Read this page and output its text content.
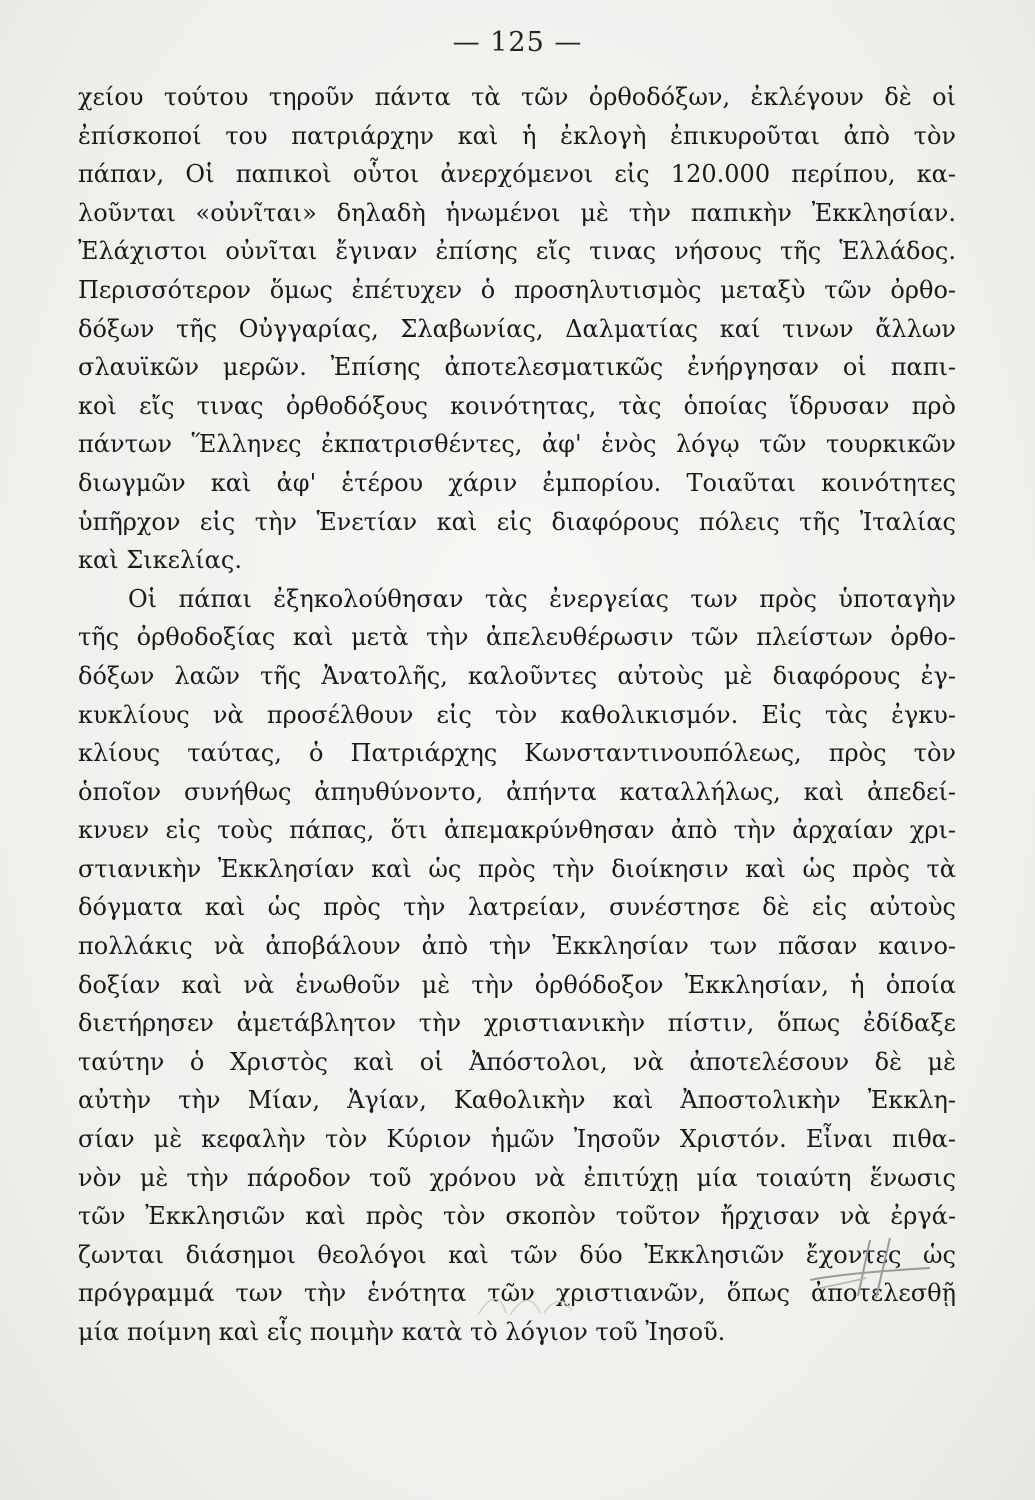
— 125 —
χείου τούτου τηροῦν πάντα τὰ τῶν ὀρθοδόξων, ἐκλέγουν δὲ οἱ
ἐπίσκοποί του πατριάρχην καὶ ἡ ἐκλογὴ ἐπικυροῦται ἀπὸ τὸν
πάπαν, Οἱ παπικοὶ οὗτοι ἀνερχόμενοι εἰς 120.000 περίπου, κα-
λοῦνται «οὐνῖται» δηλαδὴ ἡνωμένοι μὲ τὴν παπικὴν Ἐκκλησίαν.
Ἐλάχιστοι οὐνῖται ἔγιναν ἐπίσης εἴς τινας νήσους τῆς Ἑλλάδος.
Περισσότερον ὅμως ἐπέτυχεν ὁ προσηλυτισμὸς μεταξὺ τῶν ὀρθο-
δόξων τῆς Οὐγγαρίας, Σλαβωνίας, Δαλματίας καί τινων ἄλλων
σλαυϊκῶν μερῶν. Ἐπίσης ἀποτελεσματικῶς ἐνήργησαν οἱ παπι-
κοὶ εἴς τινας ὀρθοδόξους κοινότητας, τὰς ὁποίας ἵδρυσαν πρὸ
πάντων Ἕλληνες ἐκπατρισθέντες, ἀφ' ἑνὸς λόγῳ τῶν τουρκικῶν
διωγμῶν καὶ ἀφ' ἑτέρου χάριν ἐμπορίου. Τοιαῦται κοινότητες
ὑπῆρχον εἰς τὴν Ἑνετίαν καὶ εἰς διαφόρους πόλεις τῆς Ἰταλίας
καὶ Σικελίας.
Οἱ πάπαι ἐξηκολούθησαν τὰς ἐνεργείας των πρὸς ὑποταγὴν
τῆς ὀρθοδοξίας καὶ μετὰ τὴν ἀπελευθέρωσιν τῶν πλείστων ὀρθο-
δόξων λαῶν τῆς Ἀνατολῆς, καλοῦντες αὐτοὺς μὲ διαφόρους ἐγ-
κυκλίους νὰ προσέλθουν εἰς τὸν καθολικισμόν. Εἰς τὰς ἐγκυ-
κλίους ταύτας, ὁ Πατριάρχης Κωνσταντινουπόλεως, πρὸς τὸν
ὁποῖον συνήθως ἀπηυθύνοντο, ἀπήντα καταλλήλως, καὶ ἀπεδεί-
κνυεν εἰς τοὺς πάπας, ὅτι ἀπεμακρύνθησαν ἀπὸ τὴν ἀρχαίαν χρι-
στιανικὴν Ἐκκλησίαν καὶ ὡς πρὸς τὴν διοίκησιν καὶ ὡς πρὸς τὰ
δόγματα καὶ ὡς πρὸς τὴν λατρείαν, συνέστησε δὲ εἰς αὐτοὺς
πολλάκις νὰ ἀποβάλουν ἀπὸ τὴν Ἐκκλησίαν των πᾶσαν καινο-
δοξίαν καὶ νὰ ἑνωθοῦν μὲ τὴν ὀρθόδοξον Ἐκκλησίαν, ἡ ὁποία
διετήρησεν ἀμετάβλητον τὴν χριστιανικὴν πίστιν, ὅπως ἐδίδαξε
ταύτην ὁ Χριστὸς καὶ οἱ Ἀπόστολοι, νὰ ἀποτελέσουν δὲ μὲ
αὐτὴν τὴν Μίαν, Ἁγίαν, Καθολικὴν καὶ Ἀποστολικὴν Ἐκκλη-
σίαν μὲ κεφαλὴν τὸν Κύριον ἡμῶν Ἰησοῦν Χριστόν. Εἶναι πιθα-
νὸν μὲ τὴν πάροδον τοῦ χρόνου νὰ ἐπιτύχῃ μία τοιαύτη ἕνωσις
τῶν Ἐκκλησιῶν καὶ πρὸς τὸν σκοπὸν τοῦτον ἤρχισαν νὰ ἐργά-
ζωνται διάσημοι θεολόγοι καὶ τῶν δύο Ἐκκλησιῶν ἔχοντες ὡς
πρόγραμμά των τὴν ἑνότητα τῶν χριστιανῶν, ὅπως ἀποτελεσθῇ
μία ποίμνη καὶ εἷς ποιμὴν κατὰ τὸ λόγιον τοῦ Ἰησοῦ.
